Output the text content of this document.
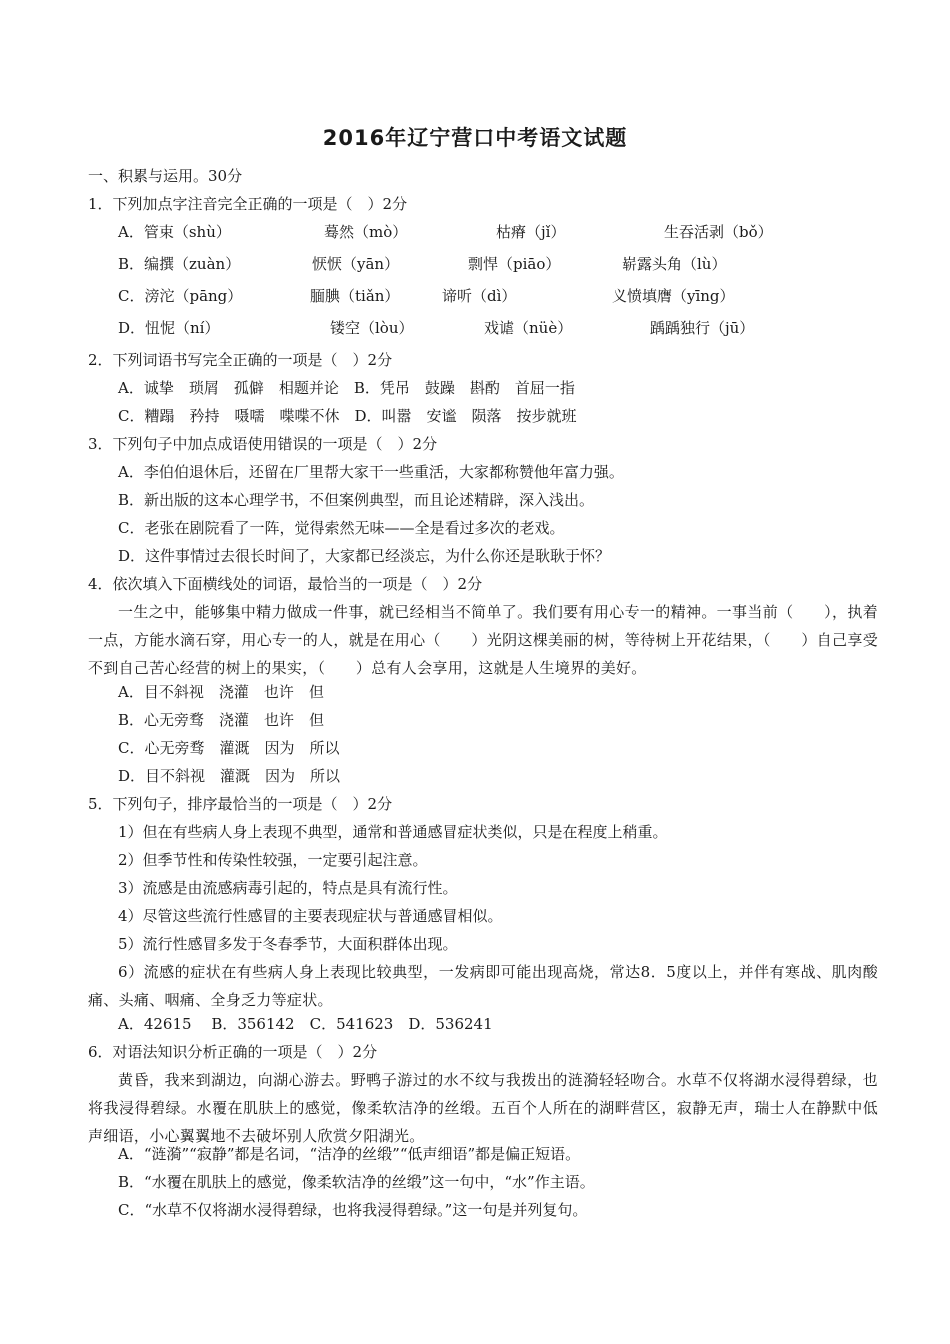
2016年辽宁营口中考语文试题
一、积累与运用。30分
1．下列加点字注音完全正确的一项是（　）2分
A．管束（shù）	蓦然（mò）	枯瘠（jǐ）	生吞活剥（bǒ）
B．编撰（zuàn）	恹恹（yān）	剽悍（piāo）	崭露头角（lù）
C．滂沱（pāng）	腼腆（tiǎn）	谛听（dì）	义愤填膺（yīng）
D．忸怩（ní）	镂空（lòu）	戏谑（nüè）	踽踽独行（jū）
2．下列词语书写完全正确的一项是（　）2分
A．诚挚　琐屑　孤僻　相题并论　B．凭吊　鼓躁　斟酌　首屈一指
C．糟蹋　矜持　嗫嚅　喋喋不休　D．叫嚣　安谧　陨落　按步就班
3．下列句子中加点成语使用错误的一项是（　）2分
A．李伯伯退休后，还留在厂里帮大家干一些重活，大家都称赞他年富力强。
B．新出版的这本心理学书，不但案例典型，而且论述精辟，深入浅出。
C．老张在剧院看了一阵，觉得索然无味——全是看过多次的老戏。
D．这件事情过去很长时间了，大家都已经淡忘，为什么你还是耿耿于怀？
4．依次填入下面横线处的词语，最恰当的一项是（　）2分
一生之中，能够集中精力做成一件事，就已经相当不简单了。我们要有用心专一的精神。一事当前（　　），执着一点，方能水滴石穿，用心专一的人，就是在用心（　　）光阴这棵美丽的树，等待树上开花结果，（　　）自己享受不到自己苦心经营的树上的果实，（　　）总有人会享用，这就是人生境界的美好。
A．目不斜视　浇灌　也许　但
B．心无旁骛　浇灌　也许　但
C．心无旁骛　灌溉　因为　所以
D．目不斜视　灌溉　因为　所以
5．下列句子，排序最恰当的一项是（　）2分
1）但在有些病人身上表现不典型，通常和普通感冒症状类似，只是在程度上稍重。
2）但季节性和传染性较强，一定要引起注意。
3）流感是由流感病毒引起的，特点是具有流行性。
4）尽管这些流行性感冒的主要表现症状与普通感冒相似。
5）流行性感冒多发于冬春季节，大面积群体出现。
6）流感的症状在有些病人身上表现比较典型，一发病即可能出现高烧，常达8．5度以上，并伴有寒战、肌肉酸痛、头痛、咽痛、全身乏力等症状。
A．42615　 B．356142　C．541623　D．536241
6．对语法知识分析正确的一项是（　）2分
黄昏，我来到湖边，向湖心游去。野鸭子游过的水不纹与我拨出的涟漪轻轻吻合。水草不仅将湖水浸得碧绿，也将我浸得碧绿。水覆在肌肤上的感觉，像柔软洁净的丝缎。五百个人所在的湖畔营区，寂静无声，瑞士人在静默中低声细语，小心翼翼地不去破坏别人欣赏夕阳湖光。
A．“涟漪”“寂静”都是名词，“洁净的丝缎”“低声细语”都是偏正短语。
B．“水覆在肌肤上的感觉，像柔软洁净的丝缎”这一句中，“水”作主语。
C．“水草不仅将湖水浸得碧绿，也将我浸得碧绿。”这一句是并列复句。
